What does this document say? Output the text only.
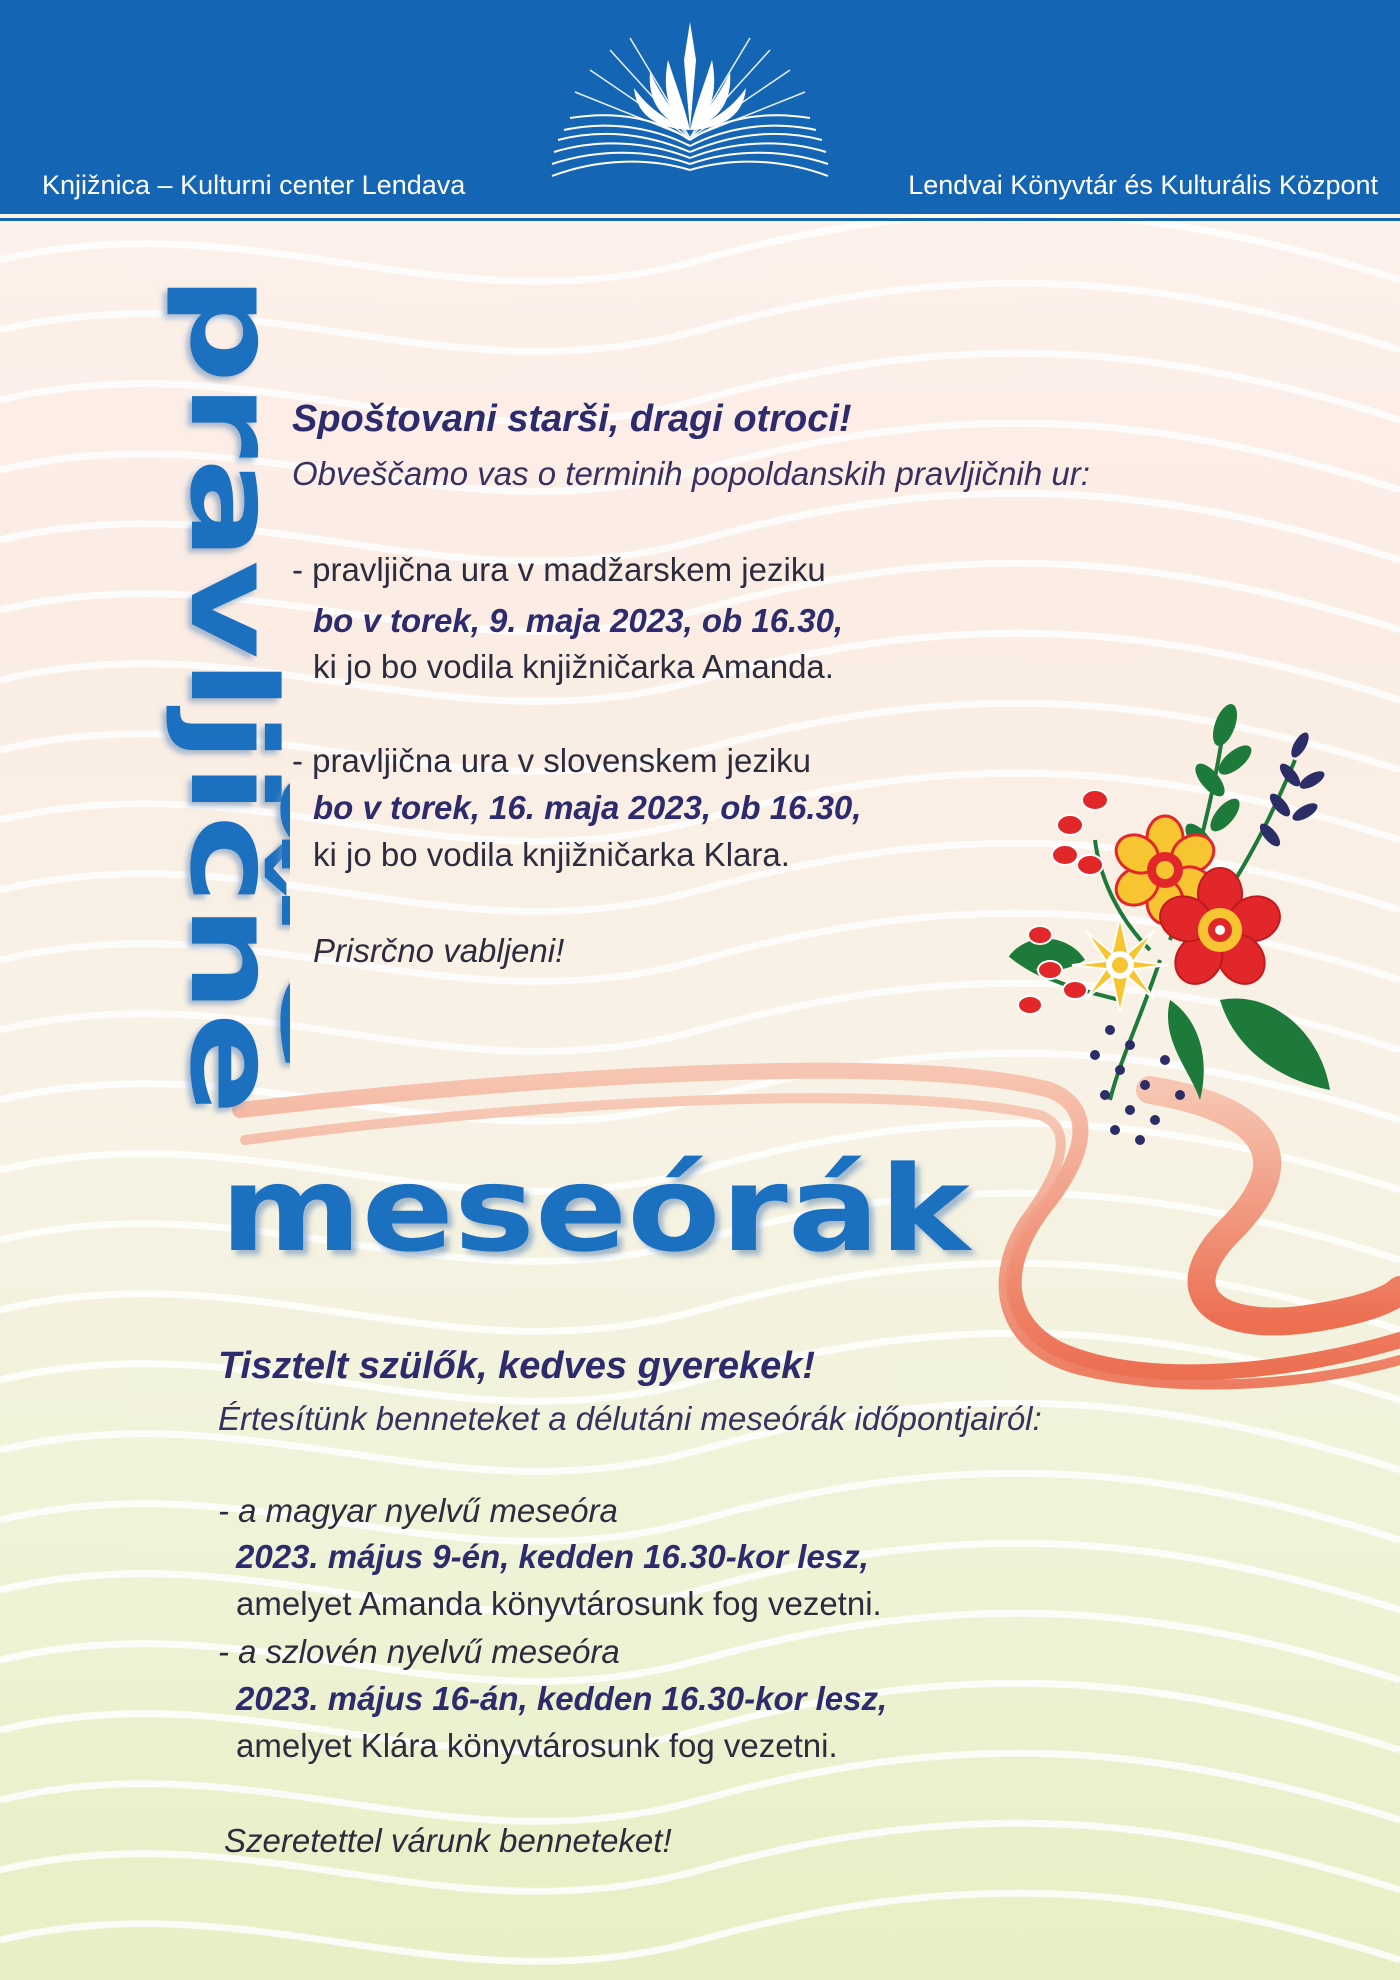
Knjižnica – Kulturni center Lendava	Lendvai Könyvtár és Kulturális Központ
pravljične
ure
meseórák
Spoštovani starši, dragi otroci!
Obveščamo vas o terminih popoldanskih pravljičnih ur:
- pravljična ura v madžarskem jeziku
bo v torek, 9. maja 2023, ob 16.30,
ki jo bo vodila knjižničarka Amanda.
- pravljična ura v slovenskem jeziku
bo v torek, 16. maja 2023, ob 16.30,
ki jo bo vodila knjižničarka Klara.
Prisrčno vabljeni!
Tisztelt szülők, kedves gyerekek!
Értesítünk benneteket a délutáni meseórák időpontjairól:
- a magyar nyelvű meseóra
2023. május 9-én, kedden 16.30-kor lesz,
amelyet Amanda könyvtárosunk fog vezetni.
- a szlovén nyelvű meseóra
2023. május 16-án, kedden 16.30-kor lesz,
amelyet Klára könyvtárosunk fog vezetni.
Szeretettel várunk benneteket!
